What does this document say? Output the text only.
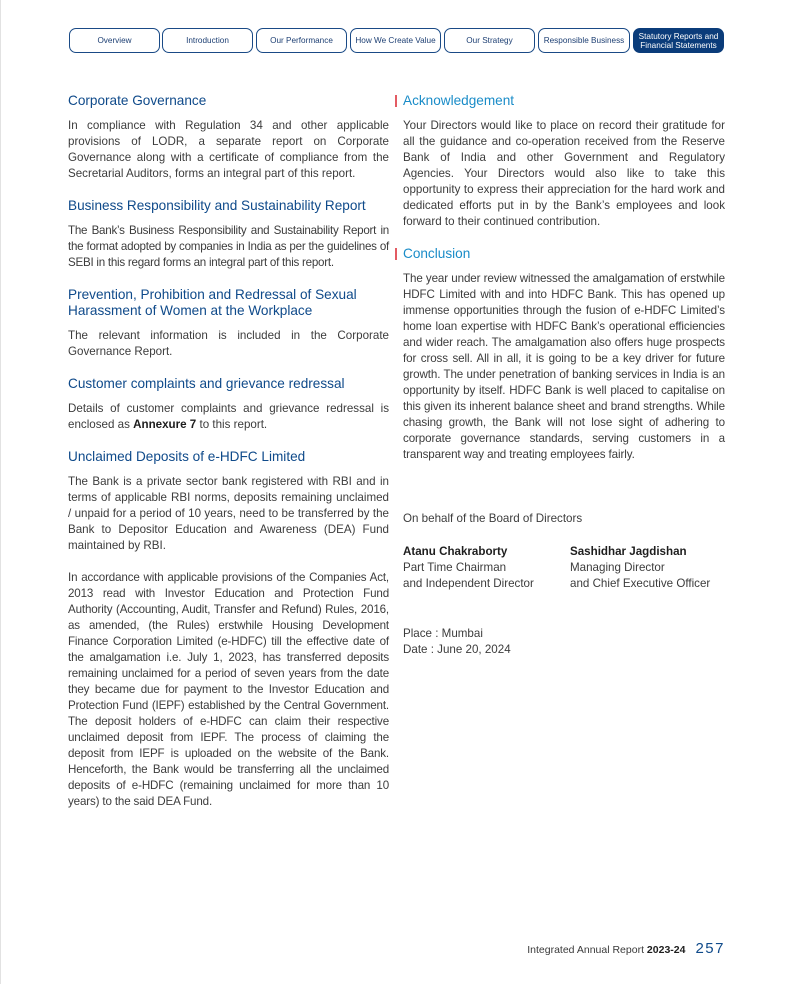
Overview	Introduction	Our Performance	How We Create Value	Our Strategy	Responsible Business	Statutory Reports and Financial Statements
Corporate Governance

In compliance with Regulation 34 and other applicable provisions of LODR, a separate report on Corporate Governance along with a certificate of compliance from the Secretarial Auditors, forms an integral part of this report.

Business Responsibility and Sustainability Report

The Bank’s Business Responsibility and Sustainability Report in the format adopted by companies in India as per the guidelines of SEBI in this regard forms an integral part of this report.

Prevention, Prohibition and Redressal of Sexual Harassment of Women at the Workplace

The relevant information is included in the Corporate Governance Report.

Customer complaints and grievance redressal

Details of customer complaints and grievance redressal is enclosed as Annexure 7 to this report.

Unclaimed Deposits of e-HDFC Limited

The Bank is a private sector bank registered with RBI and in terms of applicable RBI norms, deposits remaining unclaimed / unpaid for a period of 10 years, need to be transferred by the Bank to Depositor Education and Awareness (DEA) Fund maintained by RBI.

In accordance with applicable provisions of the Companies Act, 2013 read with Investor Education and Protection Fund Authority (Accounting, Audit, Transfer and Refund) Rules, 2016, as amended, (the Rules) erstwhile Housing Development Finance Corporation Limited (e-HDFC) till the effective date of the amalgamation i.e. July 1, 2023, has transferred deposits remaining unclaimed for a period of seven years from the date they became due for payment to the Investor Education and Protection Fund (IEPF) established by the Central Government. The deposit holders of e-HDFC can claim their respective unclaimed deposit from IEPF. The process of claiming the deposit from IEPF is uploaded on the website of the Bank. Henceforth, the Bank would be transferring all the unclaimed deposits of e-HDFC (remaining unclaimed for more than 10 years) to the said DEA Fund.

Acknowledgement

Your Directors would like to place on record their gratitude for all the guidance and co-operation received from the Reserve Bank of India and other Government and Regulatory Agencies. Your Directors would also like to take this opportunity to express their appreciation for the hard work and dedicated efforts put in by the Bank’s employees and look forward to their continued contribution.

Conclusion

The year under review witnessed the amalgamation of erstwhile HDFC Limited with and into HDFC Bank. This has opened up immense opportunities through the fusion of e-HDFC Limited’s home loan expertise with HDFC Bank’s operational efficiencies and wider reach. The amalgamation also offers huge prospects for cross sell. All in all, it is going to be a key driver for future growth. The under penetration of banking services in India is an opportunity by itself. HDFC Bank is well placed to capitalise on this given its inherent balance sheet and brand strengths. While chasing growth, the Bank will not lose sight of adhering to corporate governance standards, serving customers in a transparent way and treating employees fairly.

On behalf of the Board of Directors
Atanu Chakraborty
Part Time Chairman
and Independent Director
Sashidhar Jagdishan
Managing Director
and Chief Executive Officer
Place : Mumbai
Date : June 20, 2024
Integrated Annual Report 2023-24 257
